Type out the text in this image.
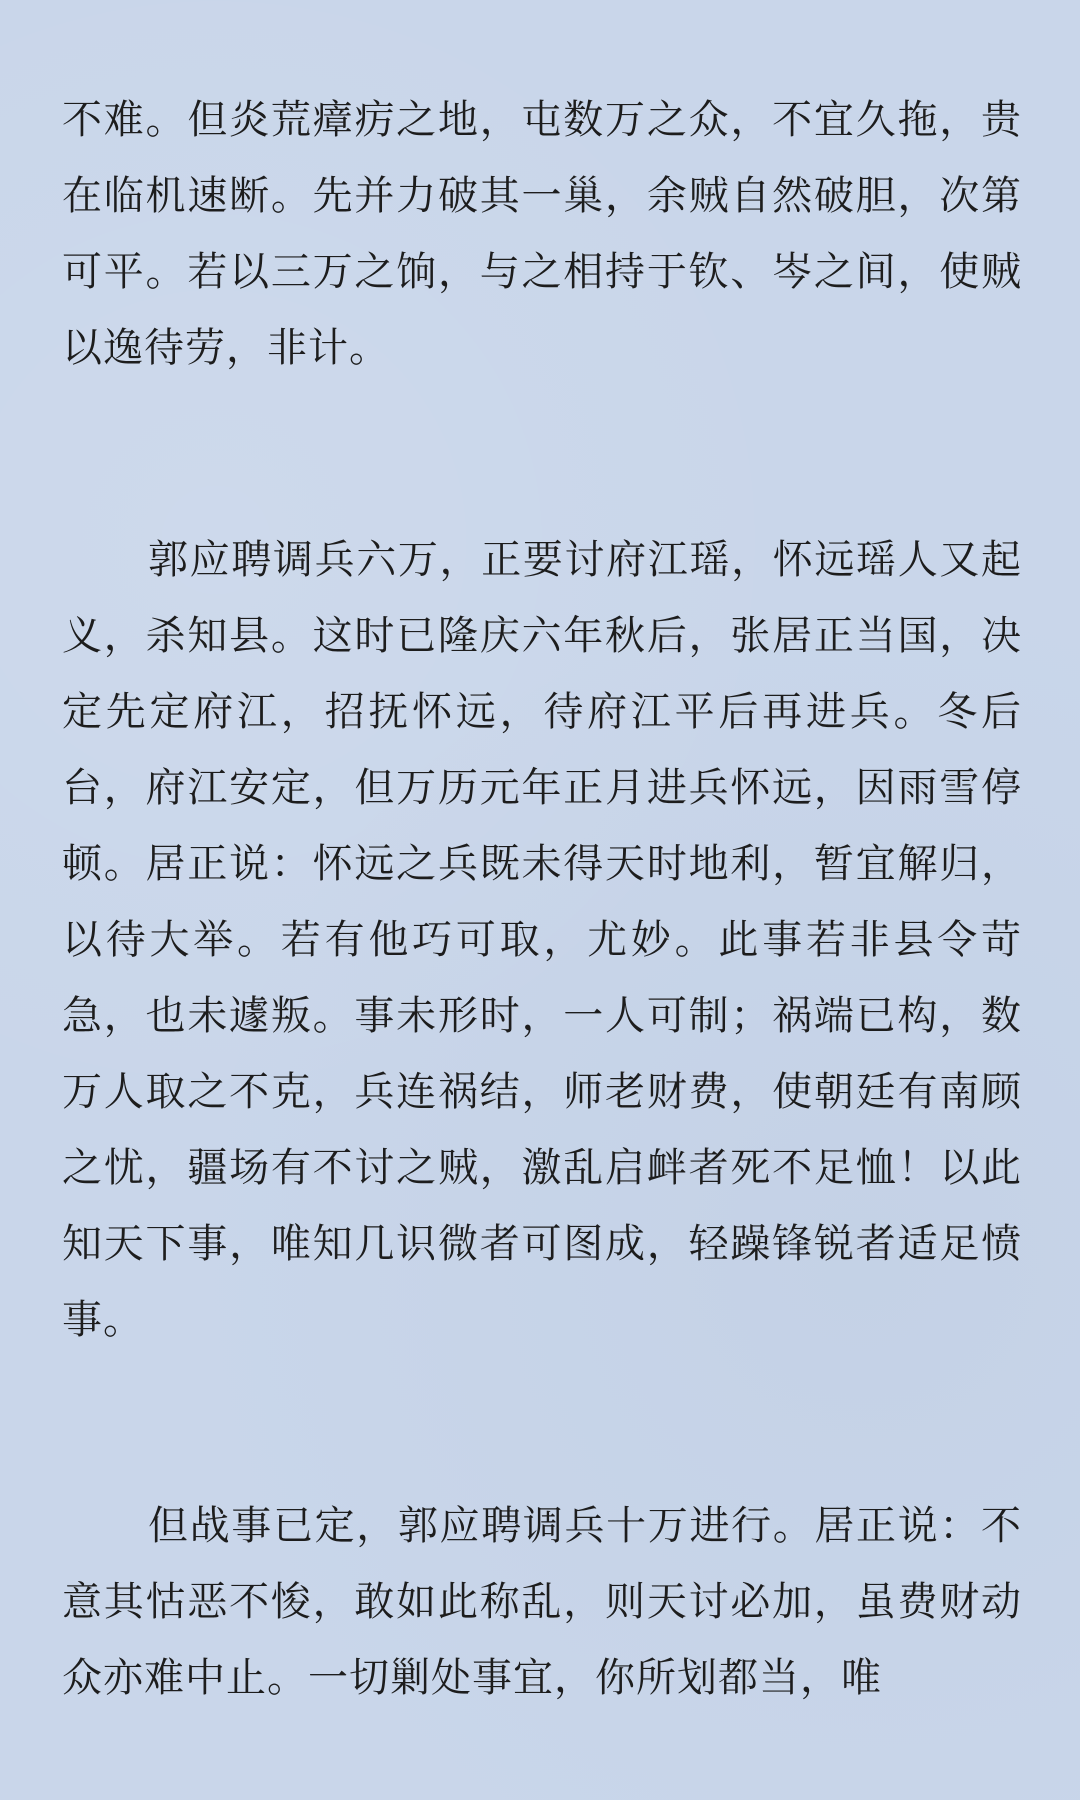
不难。但炎荒瘴疠之地，屯数万之众，不宜久拖，贵在临机速断。先并力破其一巢，余贼自然破胆，次第可平。若以三万之饷，与之相持于钦、岑之间，使贼以逸待劳，非计。

郭应聘调兵六万，正要讨府江瑶，怀远瑶人又起义，杀知县。这时已隆庆六年秋后，张居正当国，决定先定府江，招抚怀远，待府江平后再进兵。冬后台，府江安定，但万历元年正月进兵怀远，因雨雪停顿。居正说：怀远之兵既未得天时地利，暂宜解归，以待大举。若有他巧可取，尤妙。此事若非县令苛急，也未遽叛。事未形时，一人可制；祸端已构，数万人取之不克，兵连祸结，师老财费，使朝廷有南顾之忧，疆场有不讨之贼，激乱启衅者死不足恤！以此知天下事，唯知几识微者可图成，轻躁锋锐者适足愤事。

但战事已定，郭应聘调兵十万进行。居正说：不意其怙恶不悛，敢如此称乱，则天讨必加，虽费财动众亦难中止。一切剿处事宜，你所划都当，唯
